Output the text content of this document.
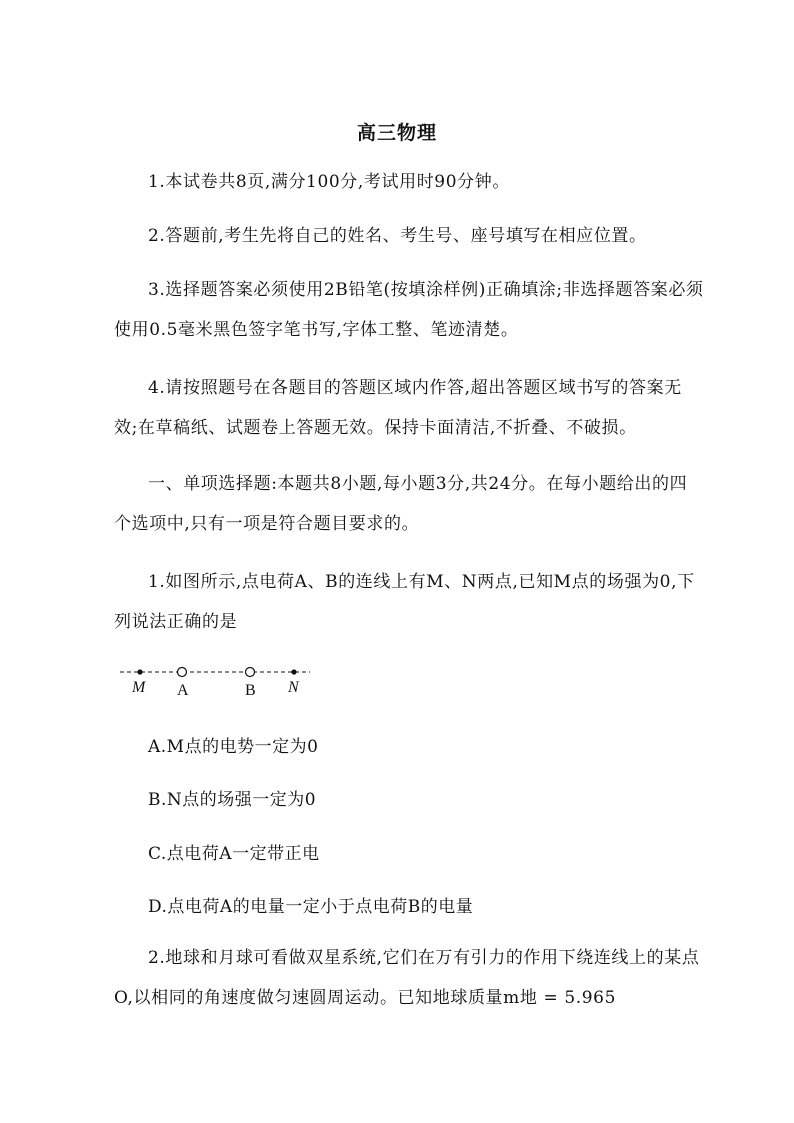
高三物理
1.本试卷共8页,满分100分,考试用时90分钟。
2.答题前,考生先将自己的姓名、考生号、座号填写在相应位置。
3.选择题答案必须使用2B铅笔(按填涂样例)正确填涂;非选择题答案必须使用0.5毫米黑色签字笔书写,字体工整、笔迹清楚。
4.请按照题号在各题目的答题区域内作答,超出答题区域书写的答案无效;在草稿纸、试题卷上答题无效。保持卡面清洁,不折叠、不破损。
一、单项选择题:本题共8小题,每小题3分,共24分。在每小题给出的四个选项中,只有一项是符合题目要求的。
1.如图所示,点电荷A、B的连线上有M、N两点,已知M点的场强为0,下列说法正确的是
M A	B N
A.M点的电势一定为0
B.N点的场强一定为0
C.点电荷A一定带正电
D.点电荷A的电量一定小于点电荷B的电量
2.地球和月球可看做双星系统,它们在万有引力的作用下绕连线上的某点O,以相同的角速度做匀速圆周运动。已知地球质量m地 = 5.965
